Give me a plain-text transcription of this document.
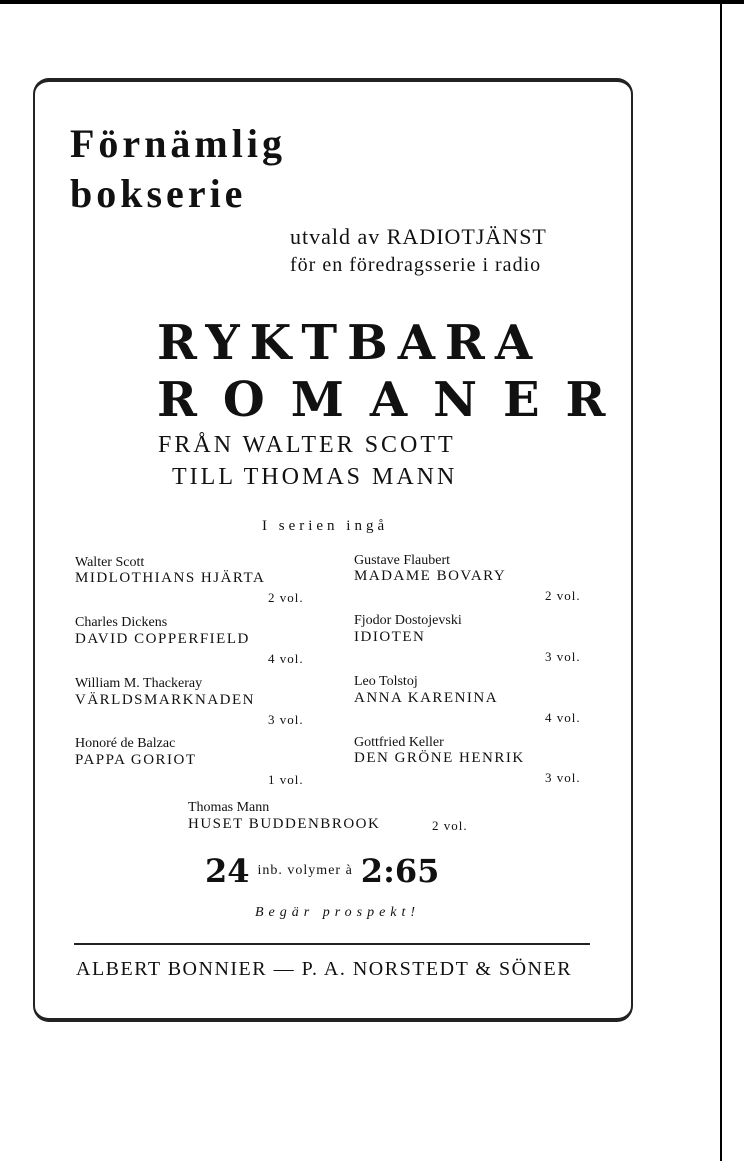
Förnämlig
bokserie
utvald av RADIOTJÄNST
för en föredragsserie i radio
RYKTBARA
ROMANER
FRÅN WALTER SCOTT
TILL THOMAS MANN
I serien ingå
Walter Scott
MIDLOTHIANS HJÄRTA
2 vol.
Charles Dickens
DAVID COPPERFIELD
4 vol.
William M. Thackeray
VÄRLDSMARKNADEN
3 vol.
Honoré de Balzac
PAPPA GORIOT
1 vol.
Gustave Flaubert
MADAME BOVARY
2 vol.
Fjodor Dostojevski
IDIOTEN
3 vol.
Leo Tolstoj
ANNA KARENINA
4 vol.
Gottfried Keller
DEN GRÖNE HENRIK
3 vol.
Thomas Mann
HUSET BUDDENBROOK	2 vol.
24 inb. volymer à 2:65
Begär prospekt!
ALBERT BONNIER — P. A. NORSTEDT & SÖNER
